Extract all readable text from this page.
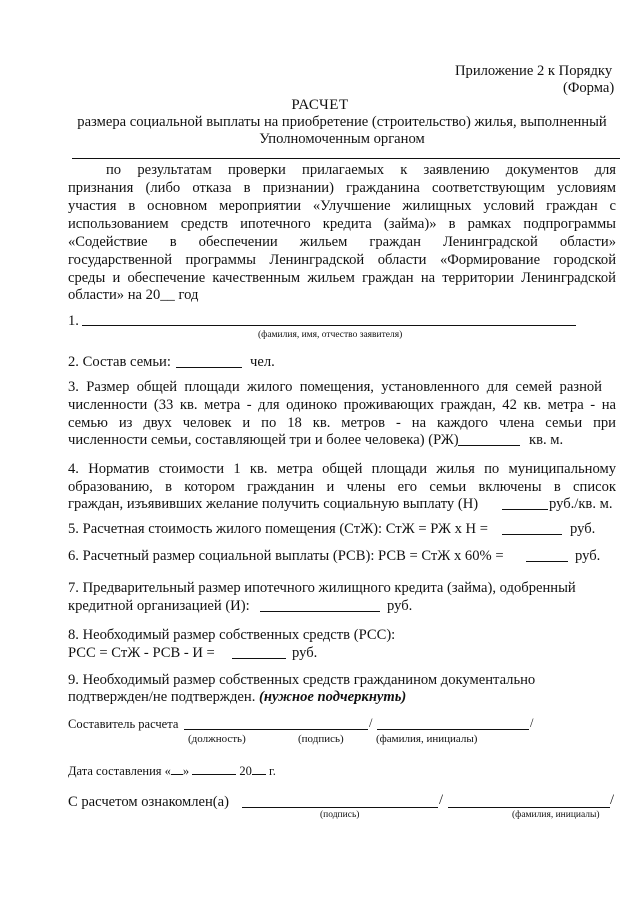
Приложение 2 к Порядку
(Форма)
РАСЧЕТ
размера социальной выплаты на приобретение (строительство) жилья, выполненный
Уполномоченным органом
по результатам проверки прилагаемых к заявлению документов для
признания (либо отказа в признании) гражданина соответствующим условиям
участия в основном мероприятии «Улучшение жилищных условий граждан с
использованием средств ипотечного кредита (займа)» в рамках подпрограммы
«Содействие в обеспечении жильем граждан Ленинградской области»
государственной программы Ленинградской области «Формирование городской
среды и обеспечение качественным жильем граждан на территории Ленинградской
области» на 20__ год
1.
(фамилия, имя, отчество заявителя)
2. Состав семьи:	чел.
3. Размер общей площади жилого помещения, установленного для семей разной
численности (33 кв. метра - для одиноко проживающих граждан, 42 кв. метра - на
семью из двух человек и по 18 кв. метров - на каждого члена семьи при
численности семьи, составляющей три и более человека) (РЖ)	кв. м.
4. Норматив стоимости 1 кв. метра общей площади жилья по муниципальному
образованию, в котором гражданин и члены его семьи включены в список
граждан, изъявивших желание получить социальную выплату (Н)	руб./кв. м.
5. Расчетная стоимость жилого помещения (СтЖ): СтЖ = РЖ х Н =	руб.
6. Расчетный размер социальной выплаты (РСВ): РСВ = СтЖ х 60% =	руб.
7. Предварительный размер ипотечного жилищного кредита (займа), одобренный
кредитной организацией (И):	руб.
8. Необходимый размер собственных средств (РСС):
РСС = СтЖ - РСВ - И =	руб.
9. Необходимый размер собственных средств гражданином документально
подтвержден/не подтвержден. (нужное подчеркнуть)
Составитель расчета	/	/
(должность)	(подпись)	(фамилия, инициалы)
Дата составления « »	20 г.
С расчетом ознакомлен(а)	/	/
(подпись)	(фамилия, инициалы)
